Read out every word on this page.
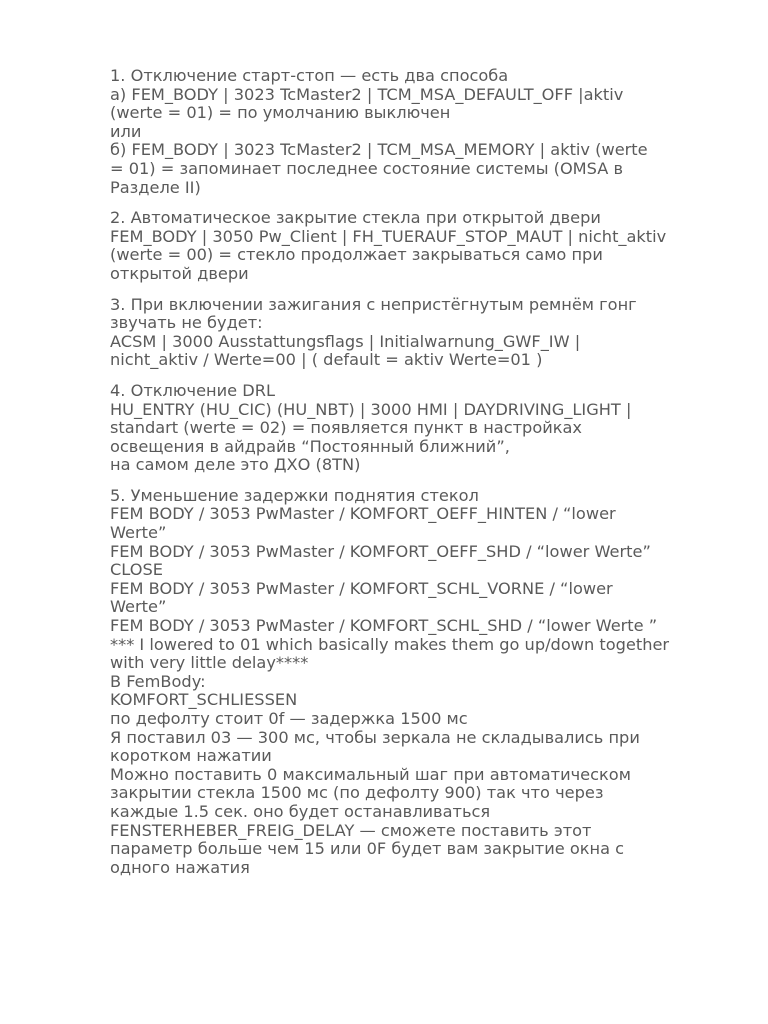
1. Отключение старт-стоп — есть два способа
а) FEM_BODY | 3023 TcMaster2 | TCM_MSA_DEFAULT_OFF |aktiv
(werte = 01) = по умолчанию выключен
или
б) FEM_BODY | 3023 TcMaster2 | TCM_MSA_MEMORY | aktiv (werte
= 01) = запоминает последнее состояние системы (OMSA в
Разделе II)
2. Автоматическое закрытие стекла при открытой двери
FEM_BODY | 3050 Pw_Client | FH_TUERAUF_STOP_MAUT | nicht_aktiv
(werte = 00) = стекло продолжает закрываться само при
открытой двери
3. При включении зажигания с непристёгнутым ремнём гонг
звучать не будет:
ACSM | 3000 Ausstattungsflags | Initialwarnung_GWF_IW |
nicht_aktiv / Werte=00 | ( default = aktiv Werte=01 )
4. Отключение DRL
HU_ENTRY (HU_CIC) (HU_NBT) | 3000 HMI | DAYDRIVING_LIGHT |
standart (werte = 02) = появляется пункт в настройках
освещения в айдрайв “Постоянный ближний”,
на самом деле это ДХО (8TN)
5. Уменьшение задержки поднятия стекол
FEM BODY / 3053 PwMaster / KOMFORT_OEFF_HINTEN / “lower
Werte”
FEM BODY / 3053 PwMaster / KOMFORT_OEFF_SHD / “lower Werte”
CLOSE
FEM BODY / 3053 PwMaster / KOMFORT_SCHL_VORNE / “lower
Werte”
FEM BODY / 3053 PwMaster / KOMFORT_SCHL_SHD / “lower Werte ”
*** I lowered to 01 which basically makes them go up/down together
with very little delay****
В FemBody:
KOMFORT_SCHLIESSEN
по дефолту стоит 0f — задержка 1500 мс
Я поставил 03 — 300 мс, чтобы зеркала не складывались при
коротком нажатии
Можно поставить 0 максимальный шаг при автоматическом
закрытии стекла 1500 мс (по дефолту 900) так что через
каждые 1.5 сек. оно будет останавливаться
FENSTERHEBER_FREIG_DELAY — сможете поставить этот
параметр больше чем 15 или 0F будет вам закрытие окна с
одного нажатия
